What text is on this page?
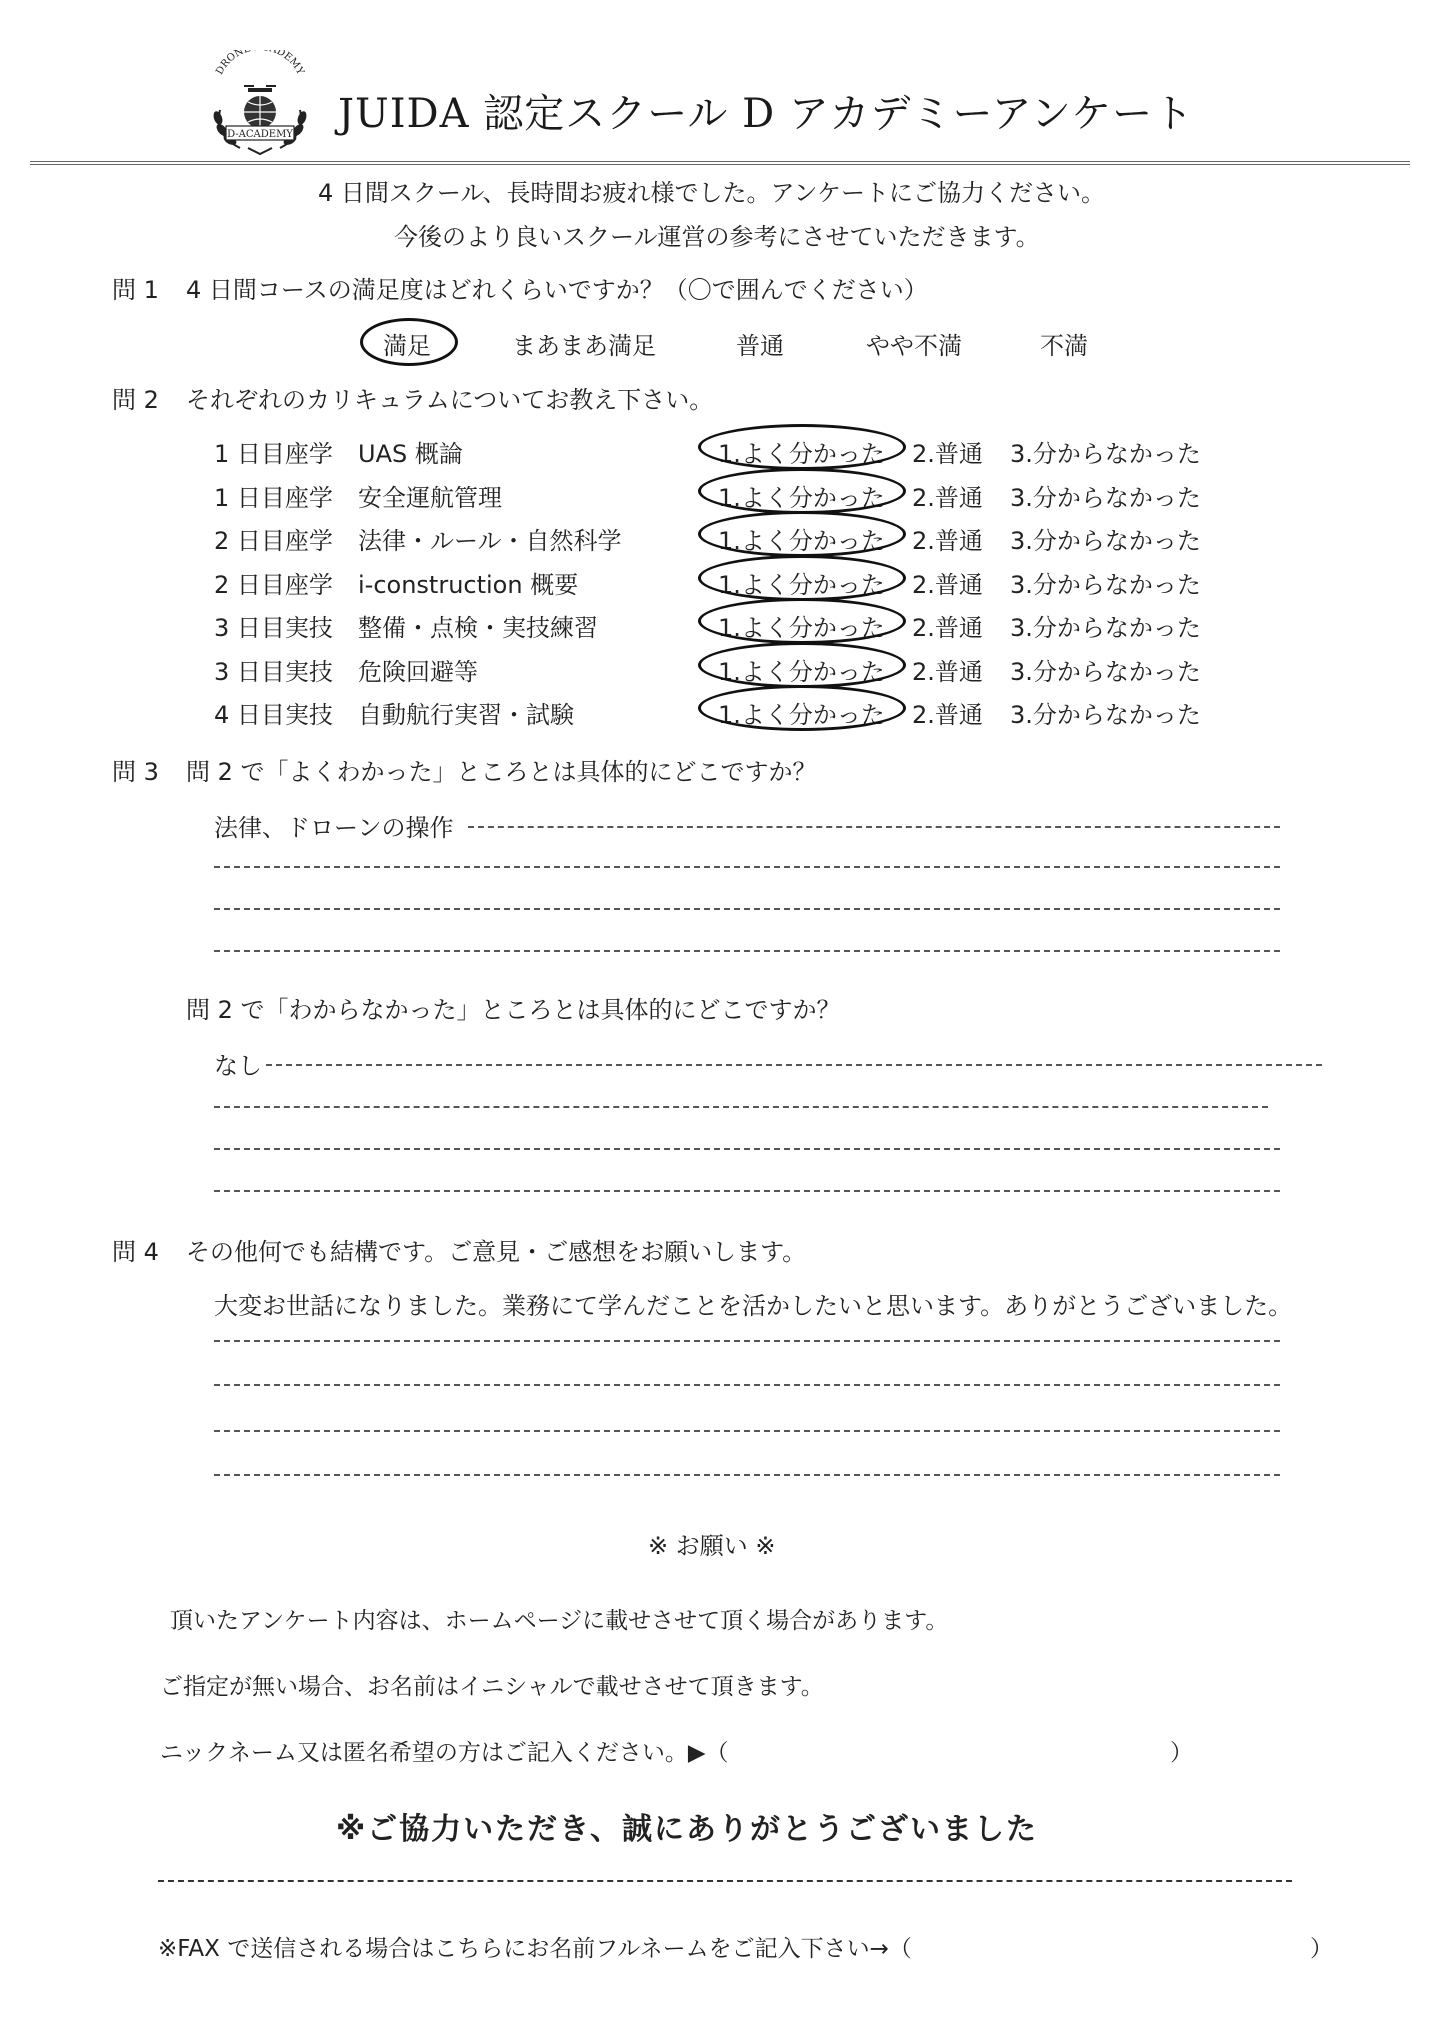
DRON DEMY
D-ACADEMY JUIDA 認定スクール D アカデミーアンケート
4 日間スクール、長時間お疲れ様でした。アンケートにご協力ください。
今後のより良いスクール運営の参考にさせていただきます。
問 1 4 日間コースの満足度はどれくらいですか？（〇で囲んでください）
満足	まあまあ満足	普通	やや不満	不満
問 2 それぞれのカリキュラムについてお教え下さい。
1 日目座学 UAS 概論	1.よく分かった 2.普通 3.分からなかった
1 日目座学 安全運航管理	1.よく分かった 2.普通 3.分からなかった
2 日目座学 法律・ルール・自然科学	1.よく分かった 2.普通 3.分からなかった
2 日目座学 i-construction 概要	1.よく分かった 2.普通 3.分からなかった
3 日目実技 整備・点検・実技練習	1.よく分かった 2.普通 3.分からなかった
3 日目実技 危険回避等	1.よく分かった 2.普通 3.分からなかった
4 日目実技 自動航行実習・試験	1.よく分かった 2.普通 3.分からなかった
問 3 問 2 で「よくわかった」ところとは具体的にどこですか？
法律、ドローンの操作
問 2 で「わからなかった」ところとは具体的にどこですか？
なし
問 4 その他何でも結構です。ご意見・ご感想をお願いします。
大変お世話になりました。業務にて学んだことを活かしたいと思います。ありがとうございました。
※ お願い ※
頂いたアンケート内容は、ホームページに載せさせて頂く場合があります。
ご指定が無い場合、お名前はイニシャルで載せさせて頂きます。
ニックネーム又は匿名希望の方はご記入ください。▶（	）
※ご協力いただき、誠にありがとうございました
※FAX で送信される場合はこちらにお名前フルネームをご記入下さい→（	）
